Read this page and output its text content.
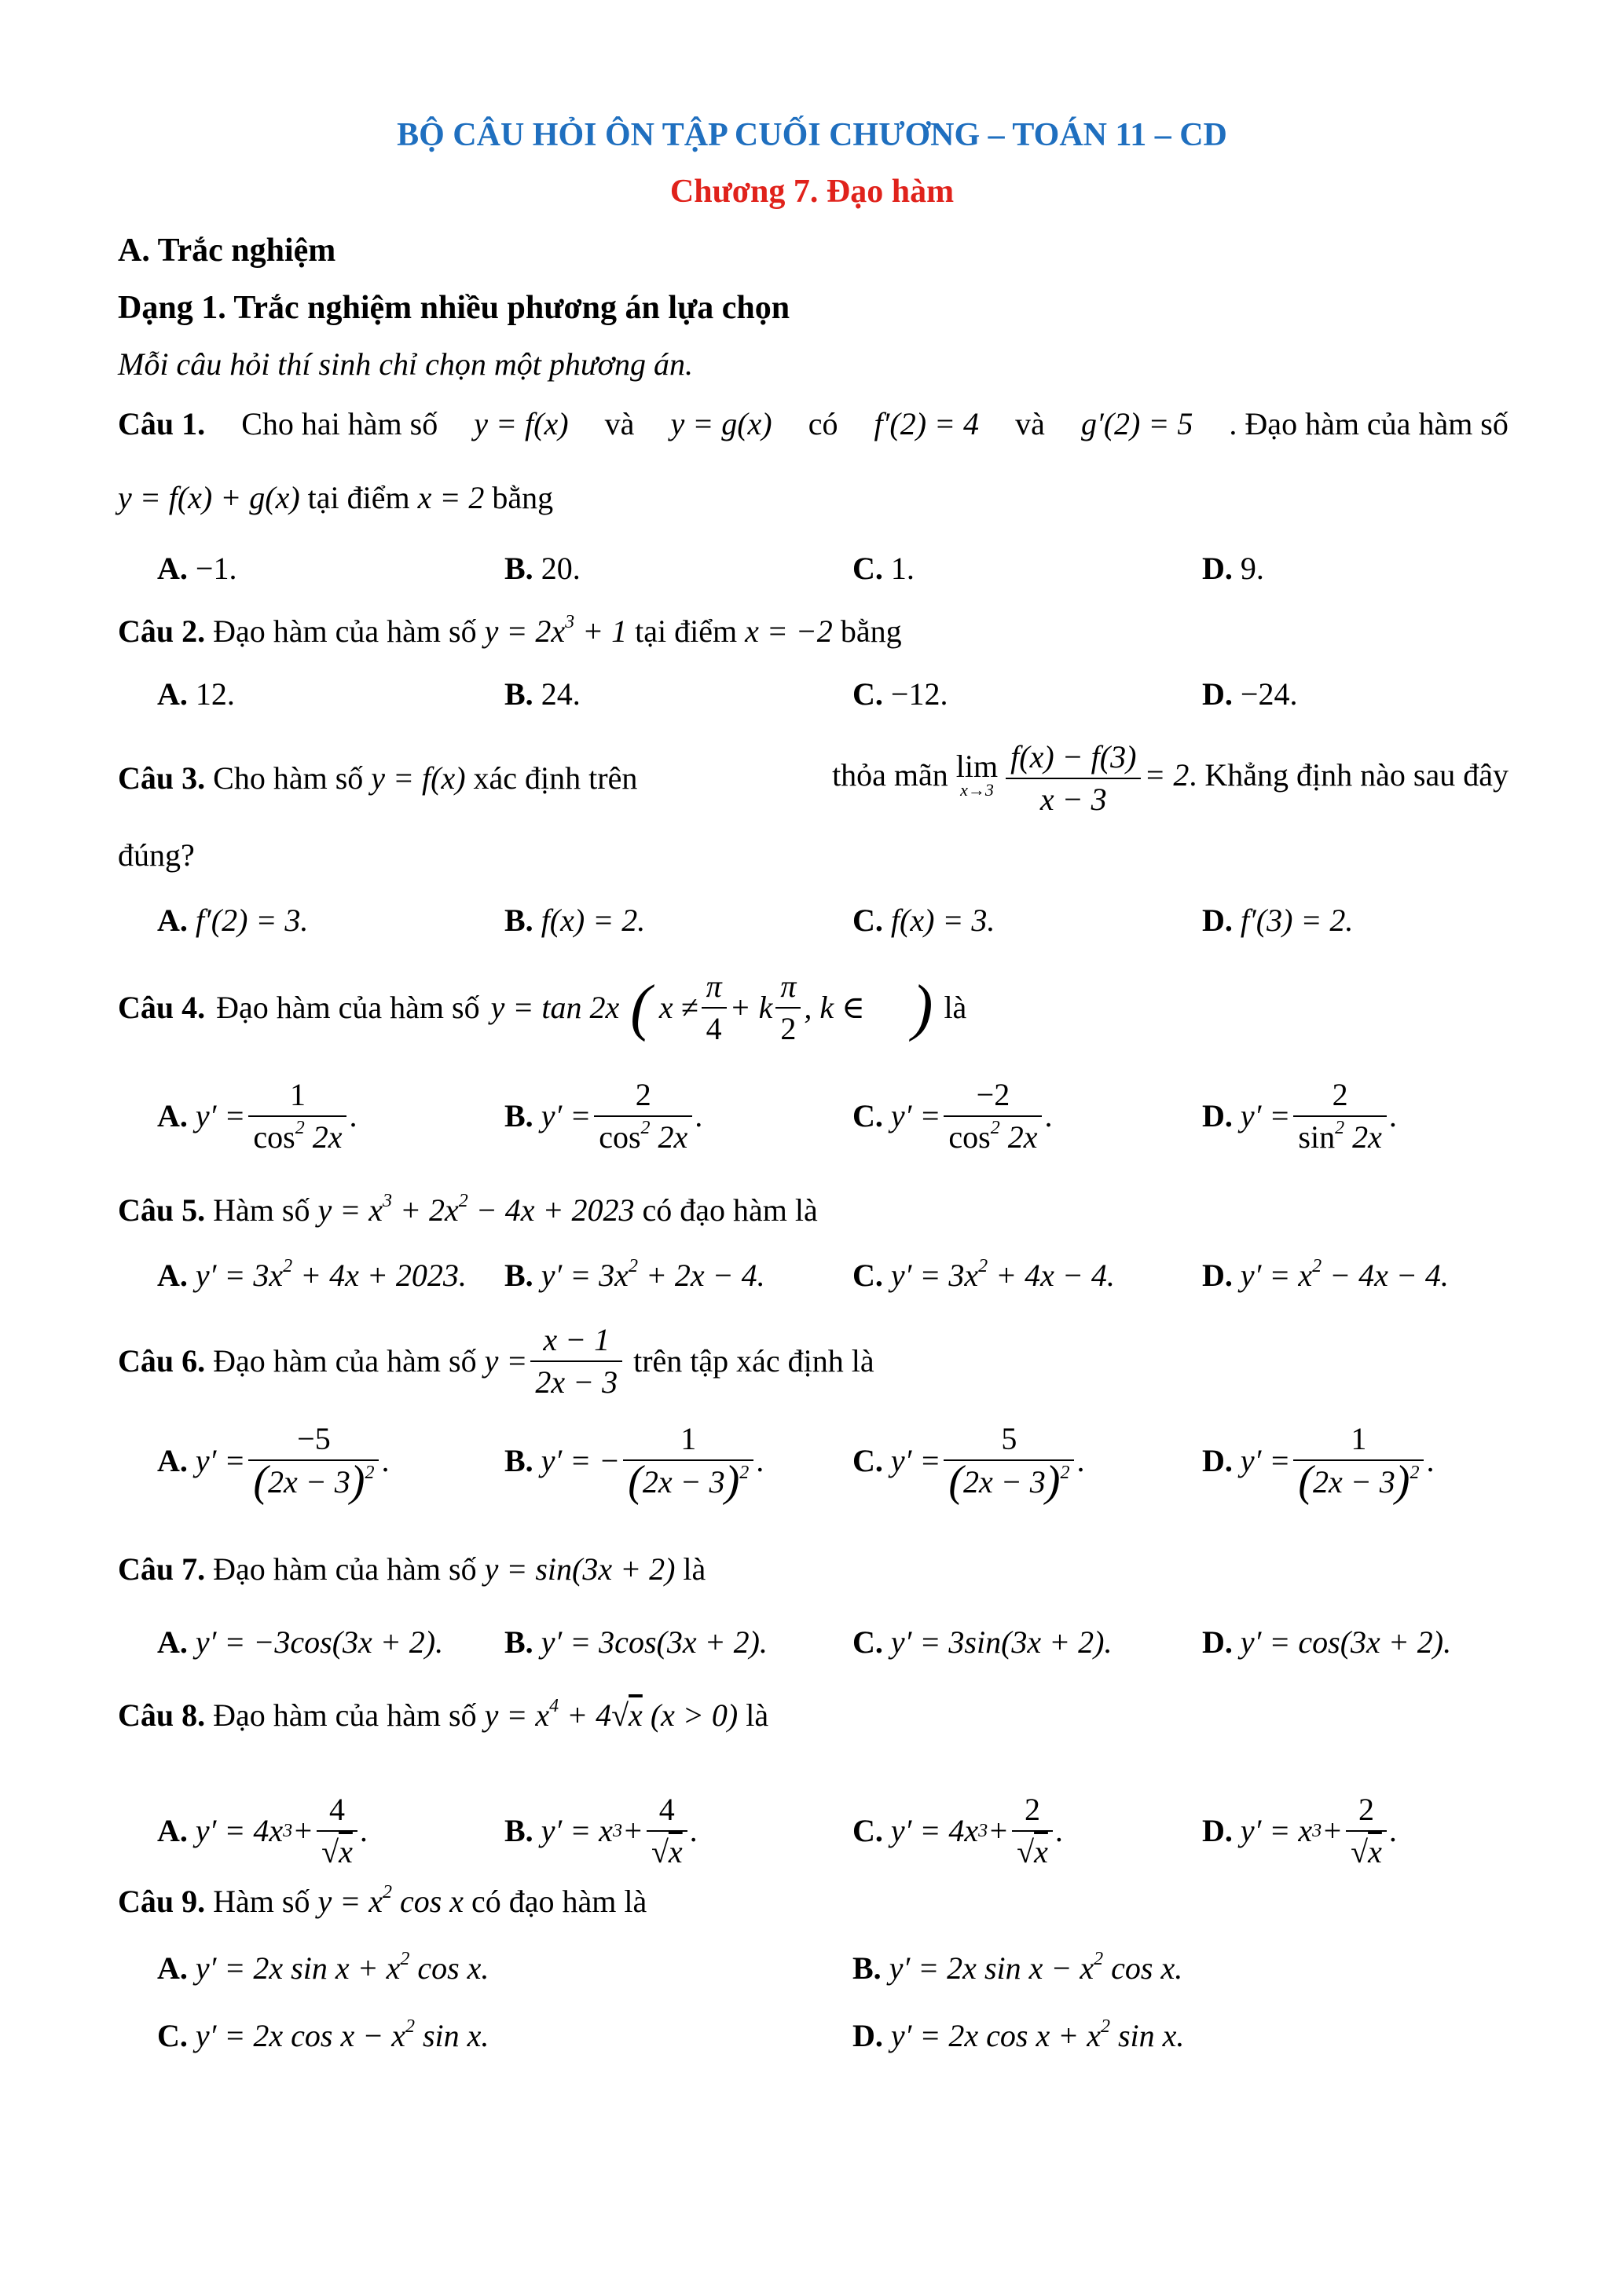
BỘ CÂU HỎI ÔN TẬP CUỐI CHƯƠNG – TOÁN 11 – CD
Chương 7. Đạo hàm
A. Trắc nghiệm
Dạng 1. Trắc nghiệm nhiều phương án lựa chọn
Mỗi câu hỏi thí sinh chỉ chọn một phương án.
Câu 1. Cho hai hàm số y = f(x) và y = g(x) có f′(2) = 4 và g′(2) = 5 . Đạo hàm của hàm số
y = f(x) + g(x) tại điểm x = 2 bằng
A. −1.	B. 20.	C. 1.	D. 9.
Câu 2. Đạo hàm của hàm số $y = 2x^3 + 1$ tại điểm x = −2 bằng
A. 12.	B. 24.	C. −12.	D. −24.
Câu 3. Cho hàm số y = f(x) xác định trên	thỏa mãn lim
$x\to 3 \frac{f(x) - f(3)}{x - 3} = 2$. Khẳng định nào sau đây
đúng?
A. f′(2) = 3.	B. f(x) = 2.	C. f(x) = 3.	D. f′(3) = 2.
Câu 4. Đạo hàm của hàm số y = tan 2x ( $x \ne \frac{\pi}{4} + k \frac{\pi}{2}$ , k ∈ ) là
A. $y' = \frac{1}{\cos^2 2x}$ .	B. $y' = \frac{2}{\cos^2 2x}$ .	C. $y' = \frac{-2}{\cos^2 2x}$ .	D. $y' = \frac{2}{\sin^2 2x}$ .
Câu 5. Hàm số $y = x^3 + 2x^2 - 4x + 2023$ có đạo hàm là
A. $y' = 3x^2 + 4x + 2023$. B. $y' = 3x^2 + 2x - 4$.	C. $y' = 3x^2 + 4x - 4$.	D. $y' = x^2 - 4x - 4$.
Câu 6. Đạo hàm của hàm số $y = \frac{x - 1}{2x - 3}$ trên tập xác định là
A. $y' = \frac{-5}{(2x - 3)^2}$ .	B. y′ = − $\frac{1}{(2x - 3)^2}$ .	C. $y' = \frac{5}{(2x - 3)^2}$ .	D. $y' = \frac{1}{(2x - 3)^2}$ .
Câu 7. Đạo hàm của hàm số y = sin(3x + 2) là
A. y′ = −3cos(3x + 2). B. y′ = 3cos(3x + 2).	C. y′ = 3sin(3x + 2).	D. y′ = cos(3x + 2).
Câu 8. Đạo hàm của hàm số $y = x^4 + 4√x$ (x > 0) là
A. y′ = 4x $3 + \frac{4}{√x}$ .	B. y′ = x $3 + \frac{4}{√x}$ .	C. y′ = 4x $3 + \frac{2}{√x}$ .	D. y′ = x $3 + \frac{2}{√x}$ .
Câu 9. Hàm số $y = x^2$ cos x có đạo hàm là
A. y′ = 2x $\sin x + x^2$ cos x.	B. y′ = 2x $\sin x - x^2$ cos x.
C. y′ = 2x $\cos x - x^2$ sin x.	D. y′ = 2x $\cos x + x^2$ sin x.
